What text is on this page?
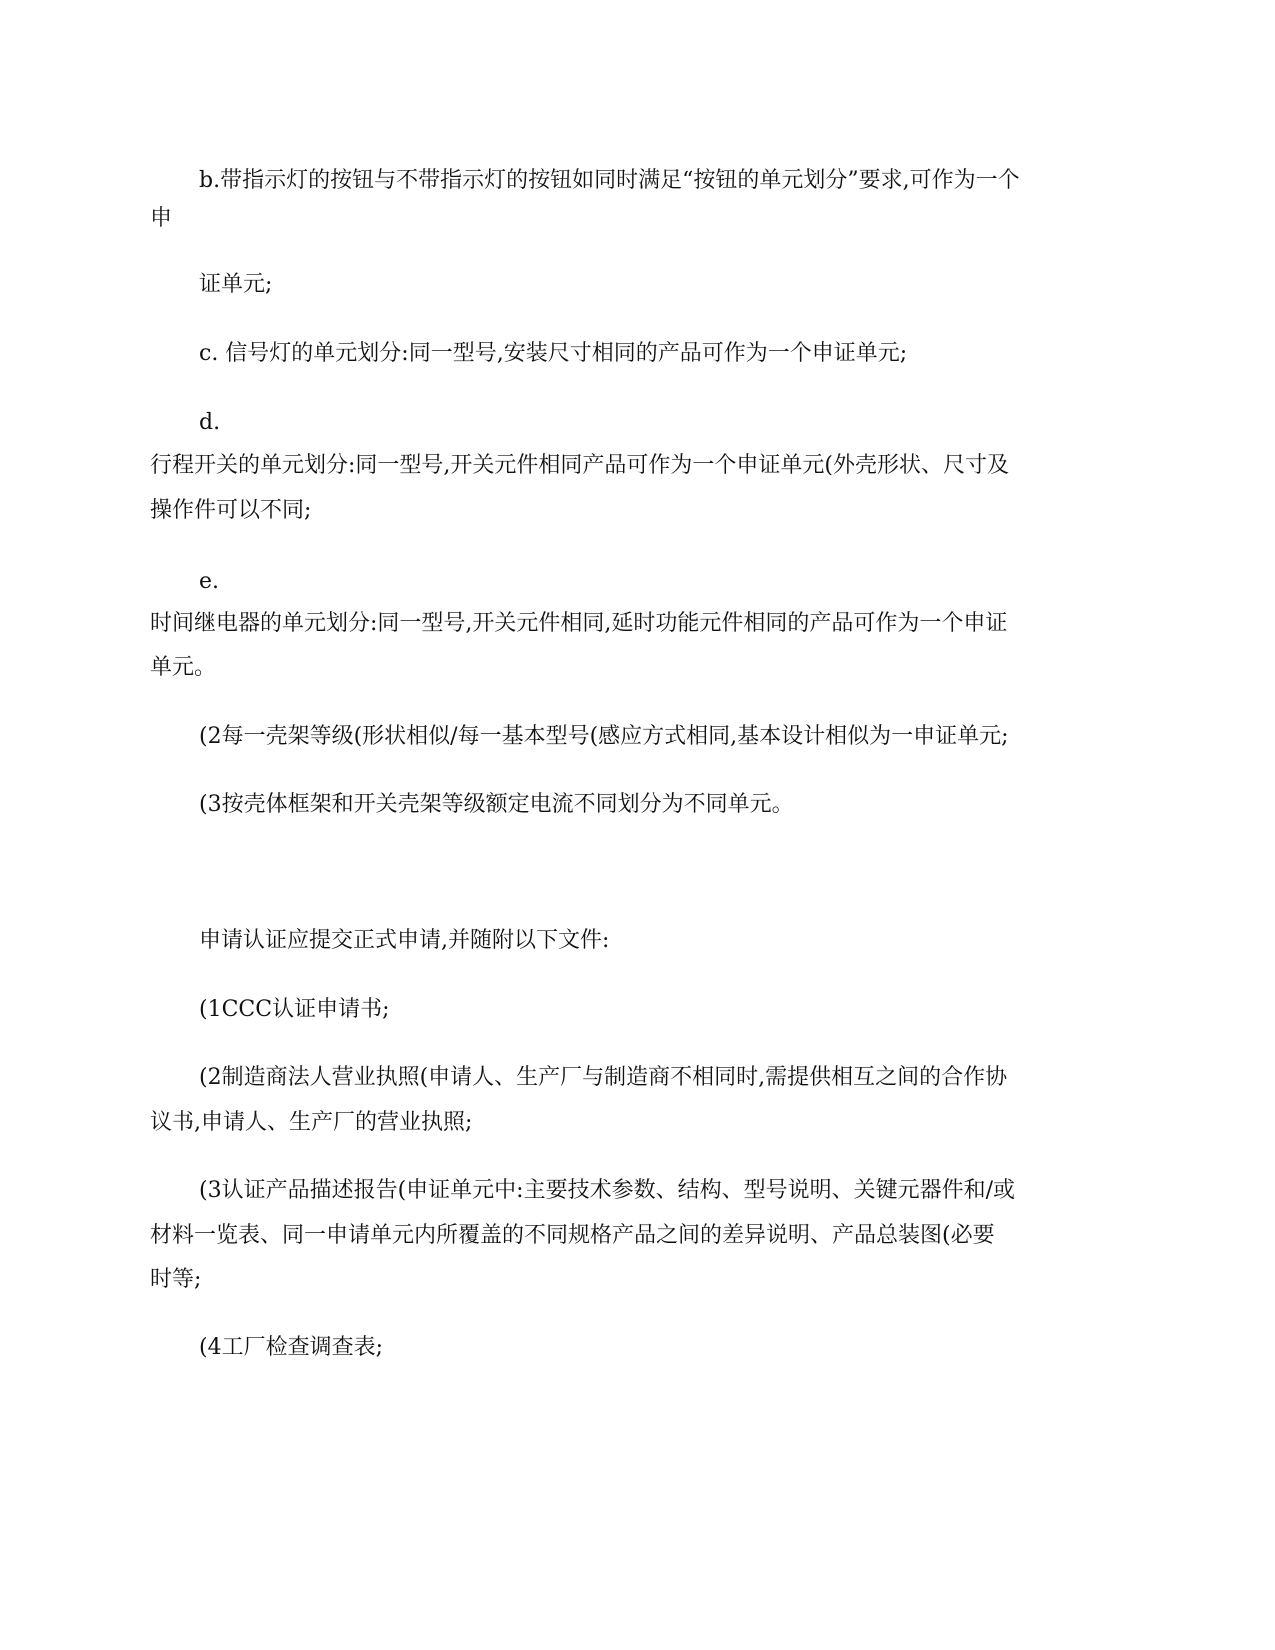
b.带指示灯的按钮与不带指示灯的按钮如同时满足“按钮的单元划分”要求,可作为一个
申
证单元;
c. 信号灯的单元划分:同一型号,安装尺寸相同的产品可作为一个申证单元;
d.
行程开关的单元划分:同一型号,开关元件相同产品可作为一个申证单元(外壳形状、尺寸及
操作件可以不同;
e.
时间继电器的单元划分:同一型号,开关元件相同,延时功能元件相同的产品可作为一个申证
单元。
(2每一壳架等级(形状相似/每一基本型号(感应方式相同,基本设计相似为一申证单元;
(3按壳体框架和开关壳架等级额定电流不同划分为不同单元。
申请认证应提交正式申请,并随附以下文件:
(1CCC认证申请书;
(2制造商法人营业执照(申请人、生产厂与制造商不相同时,需提供相互之间的合作协
议书,申请人、生产厂的营业执照;
(3认证产品描述报告(申证单元中:主要技术参数、结构、型号说明、关键元器件和/或
材料一览表、同一申请单元内所覆盖的不同规格产品之间的差异说明、产品总装图(必要
时等;
(4工厂检查调查表;
